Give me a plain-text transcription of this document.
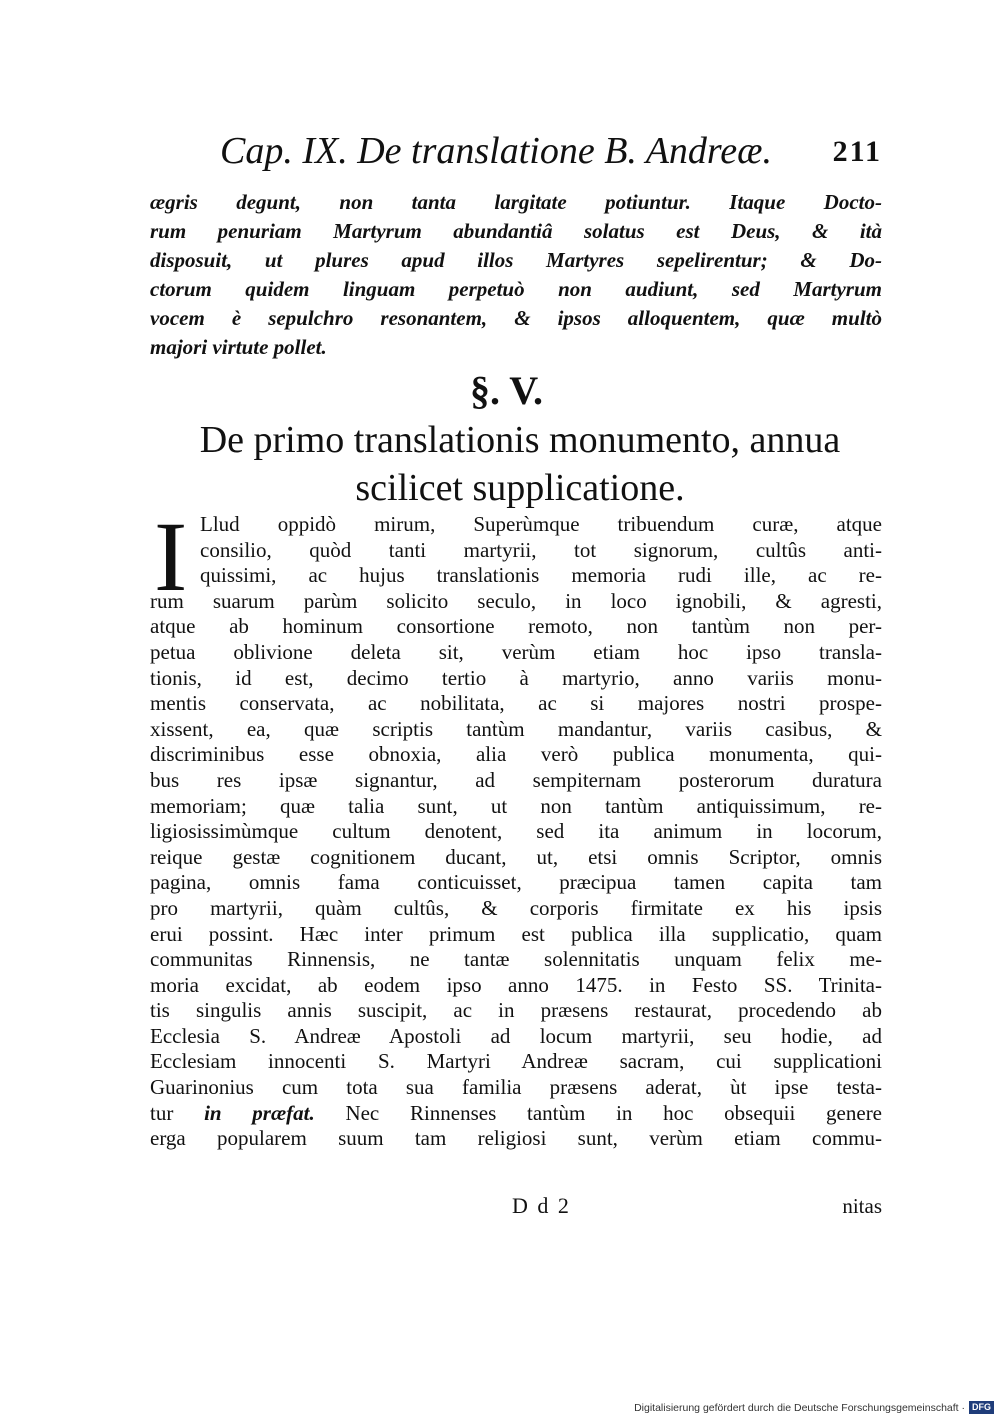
Cap. IX. De translatione B. Andreæ. 211
ægris degunt, non tanta largitate potiuntur. Itaque Docto-
rum penuriam Martyrum abundantiâ solatus est Deus, & ità
disposuit, ut plures apud illos Martyres sepelirentur; & Do-
ctorum quidem linguam perpetuò non audiunt, sed Martyrum
vocem è sepulchro resonantem, & ipsos alloquentem, quæ multò
majori virtute pollet.
§. V.
De primo translationis monumento, annua
scilicet supplicatione.
I Llud oppidò mirum, Superùmque tribuendum curæ, atque
consilio, quòd tanti martyrii, tot signorum, cultûs anti-
quissimi, ac hujus translationis memoria rudi ille, ac re-
rum suarum parùm solicito seculo, in loco ignobili, & agresti,
atque ab hominum consortione remoto, non tantùm non per-
petua oblivione deleta sit, verùm etiam hoc ipso transla-
tionis, id est, decimo tertio à martyrio, anno variis monu-
mentis conservata, ac nobilitata, ac si majores nostri prospe-
xissent, ea, quæ scriptis tantùm mandantur, variis casibus, &
discriminibus esse obnoxia, alia verò publica monumenta, qui-
bus res ipsæ signantur, ad sempiternam posterorum duratura
memoriam; quæ talia sunt, ut non tantùm antiquissimum, re-
ligiosissimùmque cultum denotent, sed ita animum in locorum,
reique gestæ cognitionem ducant, ut, etsi omnis Scriptor, omnis
pagina, omnis fama conticuisset, præcipua tamen capita tam
pro martyrii, quàm cultûs, & corporis firmitate ex his ipsis
erui possint. Hæc inter primum est publica illa supplicatio, quam
communitas Rinnensis, ne tantæ solennitatis unquam felix me-
moria excidat, ab eodem ipso anno 1475. in Festo SS. Trinita-
tis singulis annis suscipit, ac in præsens restaurat, procedendo ab
Ecclesia S. Andreæ Apostoli ad locum martyrii, seu hodie, ad
Ecclesiam innocenti S. Martyri Andreæ sacram, cui supplicationi
Guarinonius cum tota sua familia præsens aderat, ùt ipse testa-
tur in præfat. Nec Rinnenses tantùm in hoc obsequii genere
erga popularem suum tam religiosi sunt, verùm etiam commu-
D d 2	nitas
Digitalisierung gefördert durch die Deutsche Forschungsgemeinschaft · DFG
